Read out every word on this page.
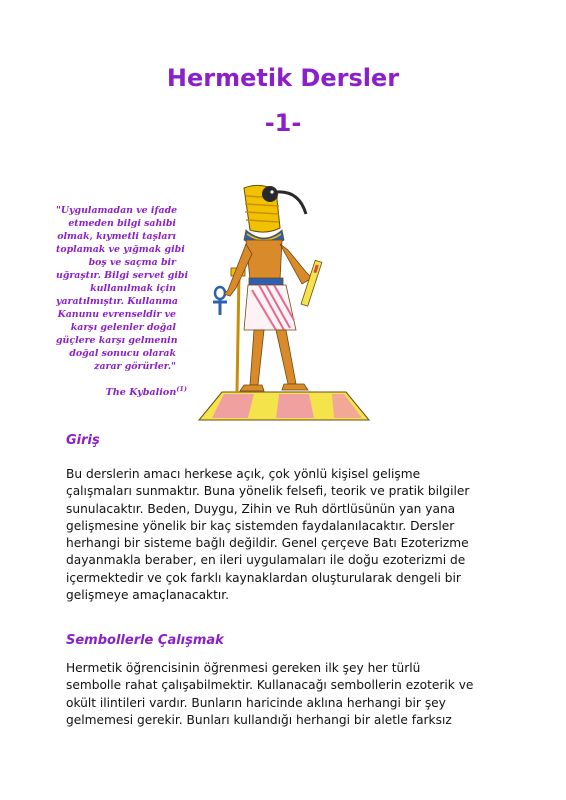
Hermetik Dersler
-1-
"Uygulamadan ve ifade
etmeden bilgi sahibi
olmak, kıymetli taşları
toplamak ve yığmak gibi
boş ve saçma bir
uğraştır. Bilgi servet gibi
kullanılmak için
yaratılmıştır. Kullanma
Kanunu evrenseldir ve
karşı gelenler doğal
güçlere karşı gelmenin
doğal sonucu olarak
zarar görürler."
The Kybalion$^{(1)}$
Giriş

Bu derslerin amacı herkese açık, çok yönlü kişisel gelişme
çalışmaları sunmaktır. Buna yönelik felsefi, teorik ve pratik bilgiler
sunulacaktır. Beden, Duygu, Zihin ve Ruh dörtlüsünün yan yana
gelişmesine yönelik bir kaç sistemden faydalanılacaktır. Dersler
herhangi bir sisteme bağlı değildir. Genel çerçeve Batı Ezoterizme
dayanmakla beraber, en ileri uygulamaları ile doğu ezoterizmi de
içermektedir ve çok farklı kaynaklardan oluşturularak dengeli bir
gelişmeye amaçlanacaktır.

Sembollerle Çalışmak

Hermetik öğrencisinin öğrenmesi gereken ilk şey her türlü
sembolle rahat çalışabilmektir. Kullanacağı sembollerin ezoterik ve
okült ilintileri vardır. Bunların haricinde aklına herhangi bir şey
gelmemesi gerekir. Bunları kullandığı herhangi bir aletle farksız
